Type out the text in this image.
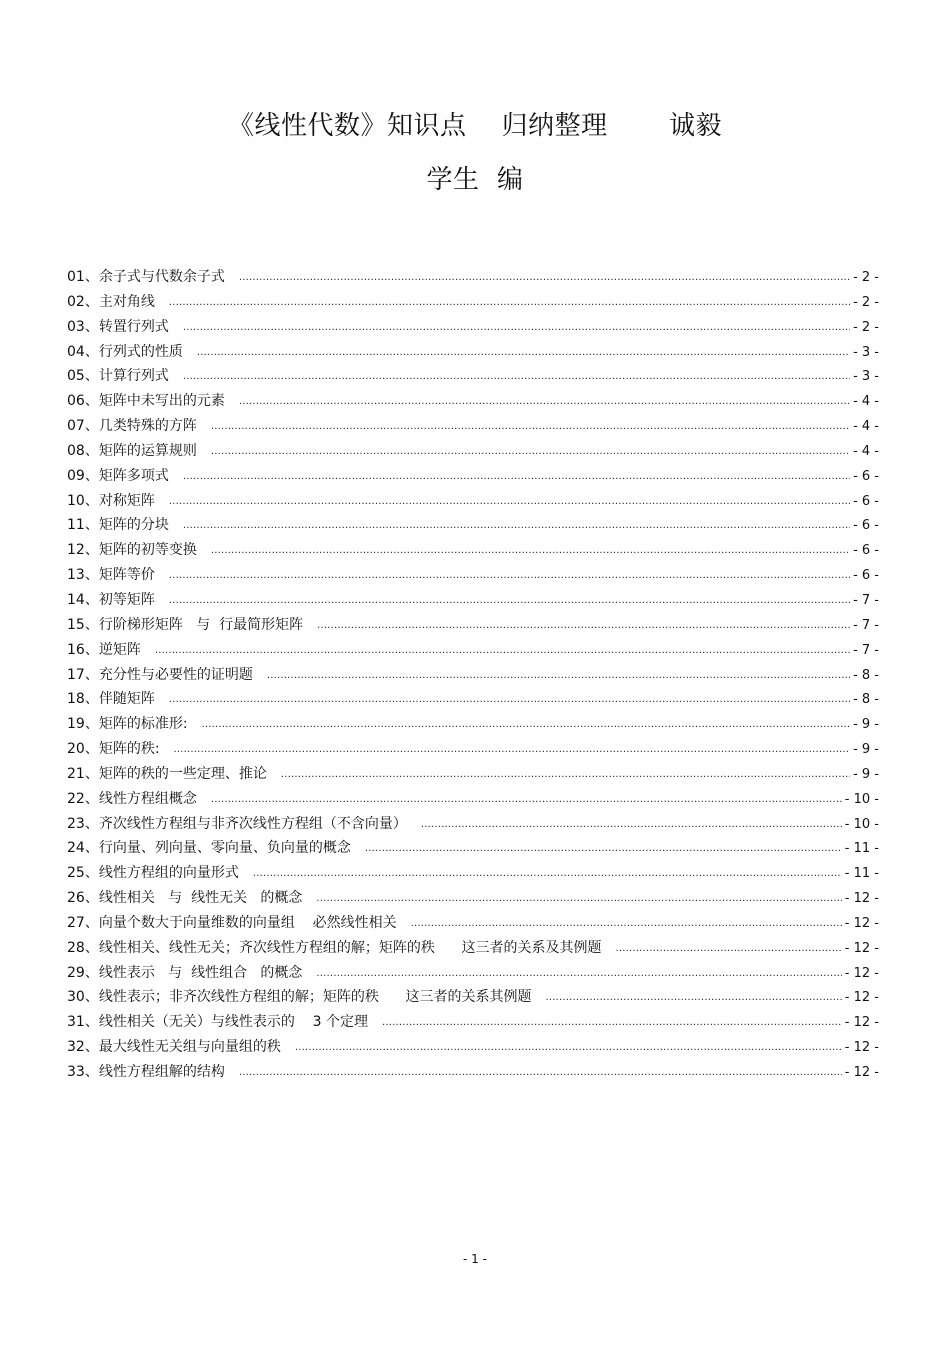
《线性代数》知识点    归纳整理       诚毅
学生  编
01、余子式与代数余子式 .....	- 2 -
02、主对角线 .....	- 2 -
03、转置行列式 .....	- 2 -
04、行列式的性质 .....	- 3 -
05、计算行列式 .....	- 3 -
06、矩阵中未写出的元素 .....	- 4 -
07、几类特殊的方阵 .....	- 4 -
08、矩阵的运算规则 .....	- 4 -
09、矩阵多项式 .....	- 6 -
10、对称矩阵 .....	- 6 -
11、矩阵的分块 .....	- 6 -
12、矩阵的初等变换 .....	- 6 -
13、矩阵等价 .....	- 6 -
14、初等矩阵 .....	- 7 -
15、行阶梯形矩阵   与  行最简形矩阵 .....	- 7 -
16、逆矩阵 .....	- 7 -
17、充分性与必要性的证明题 .....	- 8 -
18、伴随矩阵 .....	- 8 -
19、矩阵的标准形: .....	- 9 -
20、矩阵的秩: .....	- 9 -
21、矩阵的秩的一些定理、推论 .....	- 9 -
22、线性方程组概念 .....	- 10 -
23、齐次线性方程组与非齐次线性方程组（不含向量） .....	- 10 -
24、行向量、列向量、零向量、负向量的概念 .....	- 11 -
25、线性方程组的向量形式 .....	- 11 -
26、线性相关   与  线性无关   的概念 .....	- 12 -
27、向量个数大于向量维数的向量组    必然线性相关 .....	- 12 -
28、线性相关、线性无关；齐次线性方程组的解；矩阵的秩      这三者的关系及其例题 .....	- 12 -
29、线性表示   与  线性组合   的概念 .....	- 12 -
30、线性表示；非齐次线性方程组的解；矩阵的秩      这三者的关系其例题 .....	- 12 -
31、线性相关（无关）与线性表示的    3 个定理 .....	- 12 -
32、最大线性无关组与向量组的秩 .....	- 12 -
33、线性方程组解的结构 .....	- 12 -
- 1 -
